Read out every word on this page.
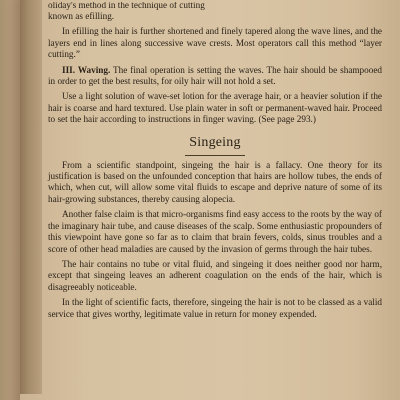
oliday's method in the technique of cutting

known as efilling.

In efilling the hair is further shortened and finely tapered along the wave lines, and the layers end in lines along successive wave crests. Most operators call this method “layer cutting.”

III. Waving. The final operation is setting the waves. The hair should be shampooed in order to get the best results, for oily hair will not hold a set.

Use a light solution of wave-set lotion for the average hair, or a heavier solution if the hair is coarse and hard textured. Use plain water in soft or permanent-waved hair. Proceed to set the hair according to instructions in finger waving. (See page 293.)

Singeing

From a scientific standpoint, singeing the hair is a fallacy. One theory for its justification is based on the unfounded conception that hairs are hollow tubes, the ends of which, when cut, will allow some vital fluids to escape and deprive nature of some of its hair-growing substances, thereby causing alopecia.

Another false claim is that micro-organisms find easy access to the roots by the way of the imaginary hair tube, and cause diseases of the scalp. Some enthusiastic propounders of this viewpoint have gone so far as to claim that brain fevers, colds, sinus troubles and a score of other head maladies are caused by the invasion of germs through the hair tubes.

The hair contains no tube or vital fluid, and singeing it does neither good nor harm, except that singeing leaves an adherent coagulation on the ends of the hair, which is disagreeably noticeable.

In the light of scientific facts, therefore, singeing the hair is not to be classed as a valid service that gives worthy, legitimate value in return for money expended.
